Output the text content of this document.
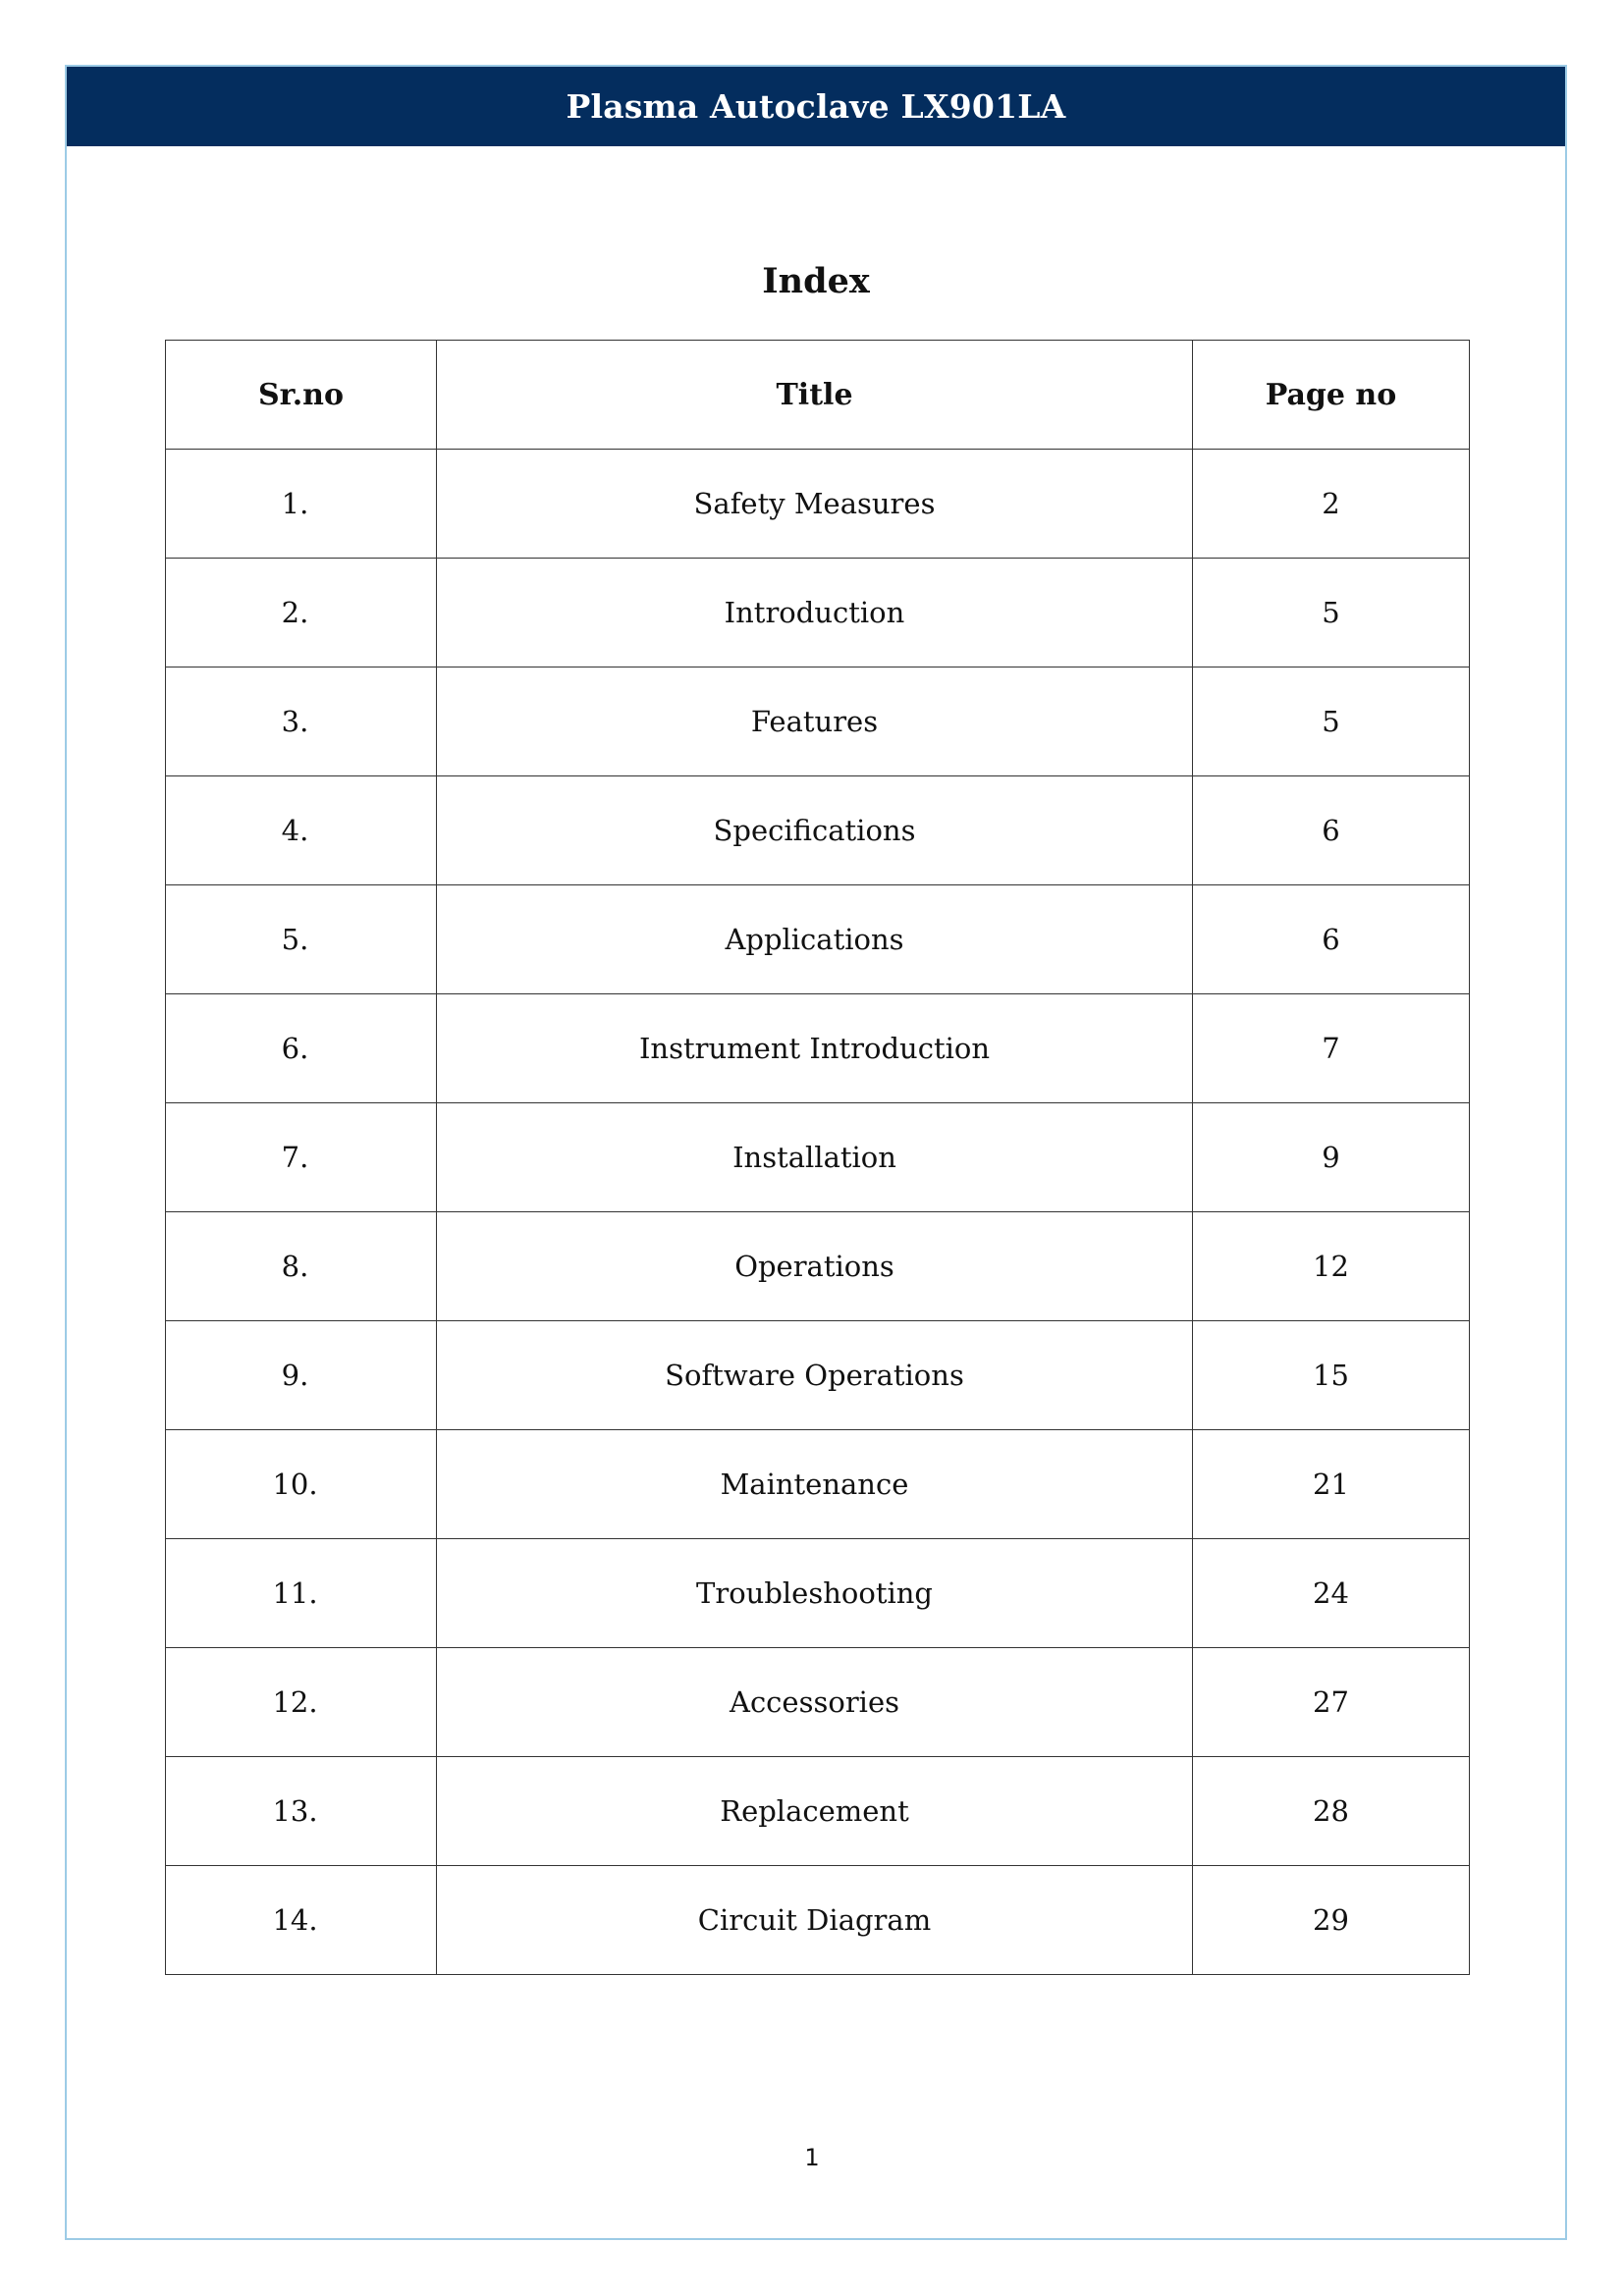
Plasma Autoclave LX901LA
Index
Sr.no	Title	Page no
1.	Safety Measures	2
2.	Introduction	5
3.	Features	5
4.	Specifications	6
5.	Applications	6
6.	Instrument Introduction	7
7.	Installation	9
8.	Operations	12
9.	Software Operations	15
10.	Maintenance	21
11.	Troubleshooting	24
12.	Accessories	27
13.	Replacement	28
14.	Circuit Diagram	29
1
